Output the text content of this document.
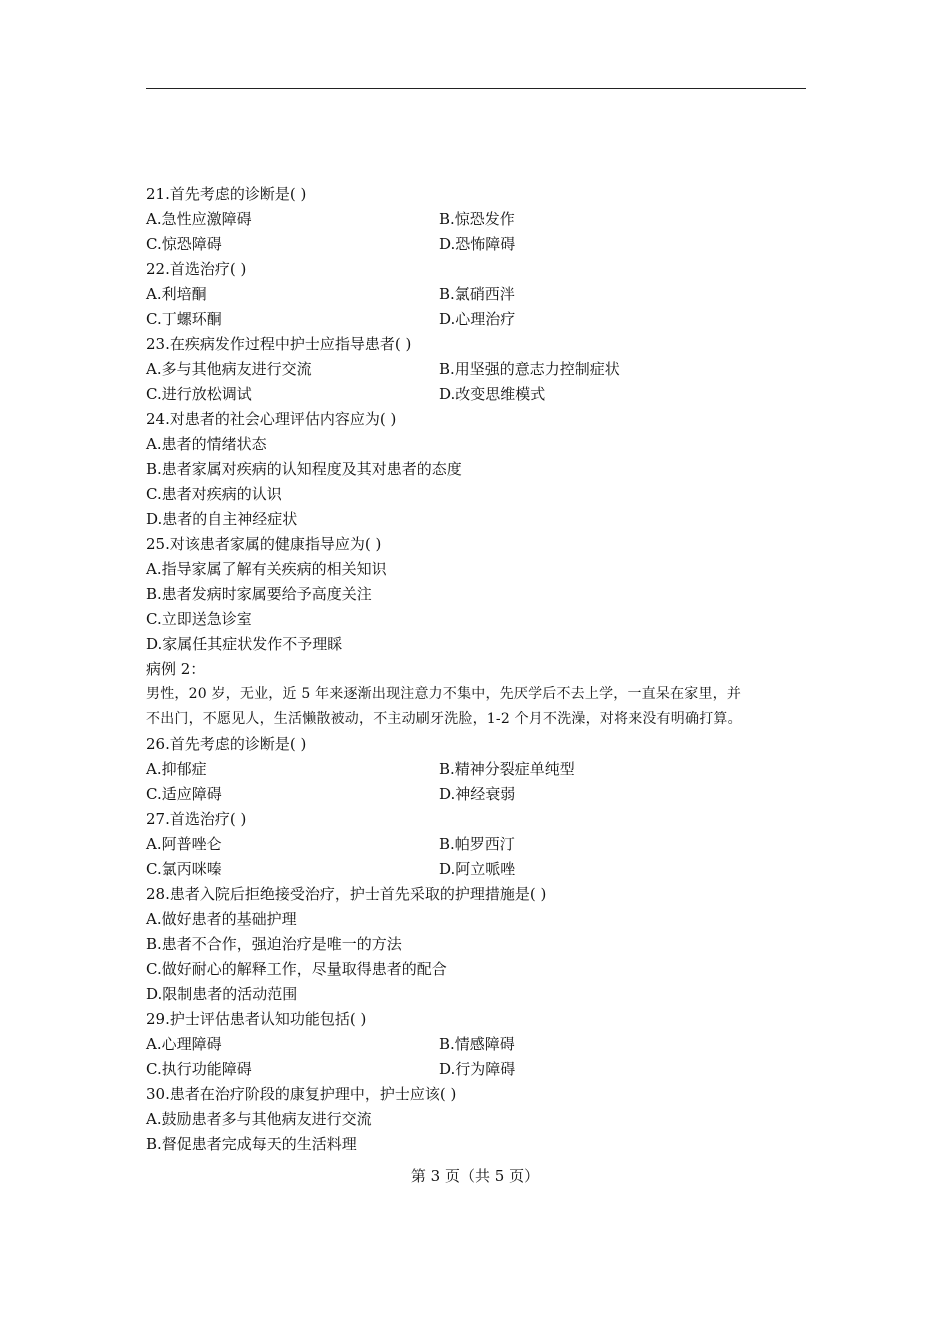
21.首先考虑的诊断是( )
A.急性应激障碍	B.惊恐发作
C.惊恐障碍	D.恐怖障碍
22.首选治疗( )
A.利培酮	B.氯硝西泮
C.丁螺环酮	D.心理治疗
23.在疾病发作过程中护士应指导患者( )
A.多与其他病友进行交流	B.用坚强的意志力控制症状
C.进行放松调试	D.改变思维模式
24.对患者的社会心理评估内容应为( )
A.患者的情绪状态
B.患者家属对疾病的认知程度及其对患者的态度
C.患者对疾病的认识
D.患者的自主神经症状
25.对该患者家属的健康指导应为( )
A.指导家属了解有关疾病的相关知识
B.患者发病时家属要给予高度关注
C.立即送急诊室
D.家属任其症状发作不予理睬
病例 2：
男性，20 岁，无业，近 5 年来逐渐出现注意力不集中，先厌学后不去上学，一直呆在家里，并
不出门，不愿见人，生活懒散被动，不主动刷牙洗脸，1-2 个月不洗澡，对将来没有明确打算。
26.首先考虑的诊断是( )
A.抑郁症	B.精神分裂症单纯型
C.适应障碍	D.神经衰弱
27.首选治疗( )
A.阿普唑仑	B.帕罗西汀
C.氯丙咪嗪	D.阿立哌唑
28.患者入院后拒绝接受治疗，护士首先采取的护理措施是( )
A.做好患者的基础护理
B.患者不合作，强迫治疗是唯一的方法
C.做好耐心的解释工作，尽量取得患者的配合
D.限制患者的活动范围
29.护士评估患者认知功能包括( )
A.心理障碍	B.情感障碍
C.执行功能障碍	D.行为障碍
30.患者在治疗阶段的康复护理中，护士应该( )
A.鼓励患者多与其他病友进行交流
B.督促患者完成每天的生活料理
第 3 页（共 5 页）
